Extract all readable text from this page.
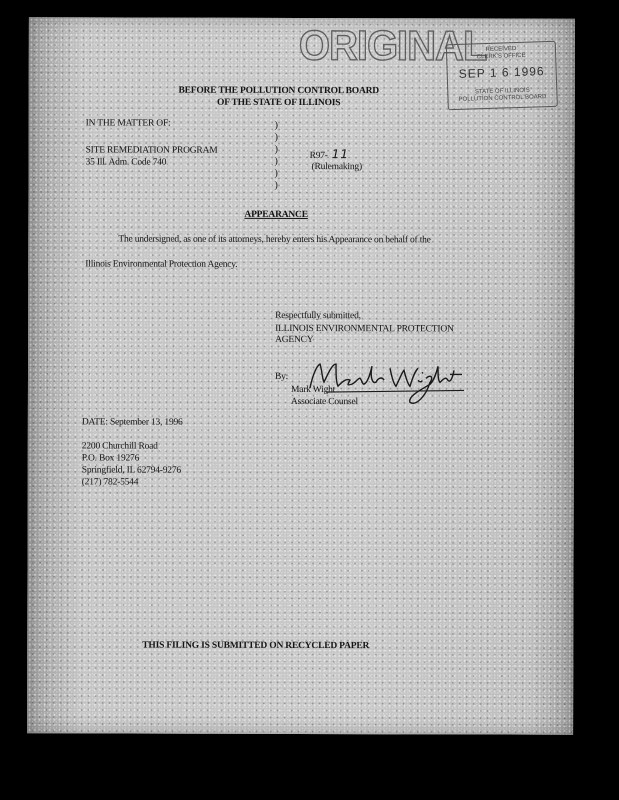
ORIGINAL RECEIVED
CLERK'S OFFICE
SEP 1 6 1996
STATE OF ILLINOIS
POLLUTION CONTROL BOARD
BEFORE THE POLLUTION CONTROL BOARD
OF THE STATE OF ILLINOIS
IN THE MATTER OF:
SITE REMEDIATION PROGRAM
35 Ill. Adm. Code 740
)
)
)
)
)
)
R97- 11
(Rulemaking)
APPEARANCE
The undersigned, as one of its attorneys, hereby enters his Appearance on behalf of the
Illinois Environmental Protection Agency.
Respectfully submitted,
ILLINOIS ENVIRONMENTAL PROTECTION
AGENCY
By:
Mark Wight
Associate Counsel
DATE: September 13, 1996
2200 Churchill Road
P.O. Box 19276
Springfield, IL 62794-9276
(217) 782-5544
THIS FILING IS SUBMITTED ON RECYCLED PAPER
